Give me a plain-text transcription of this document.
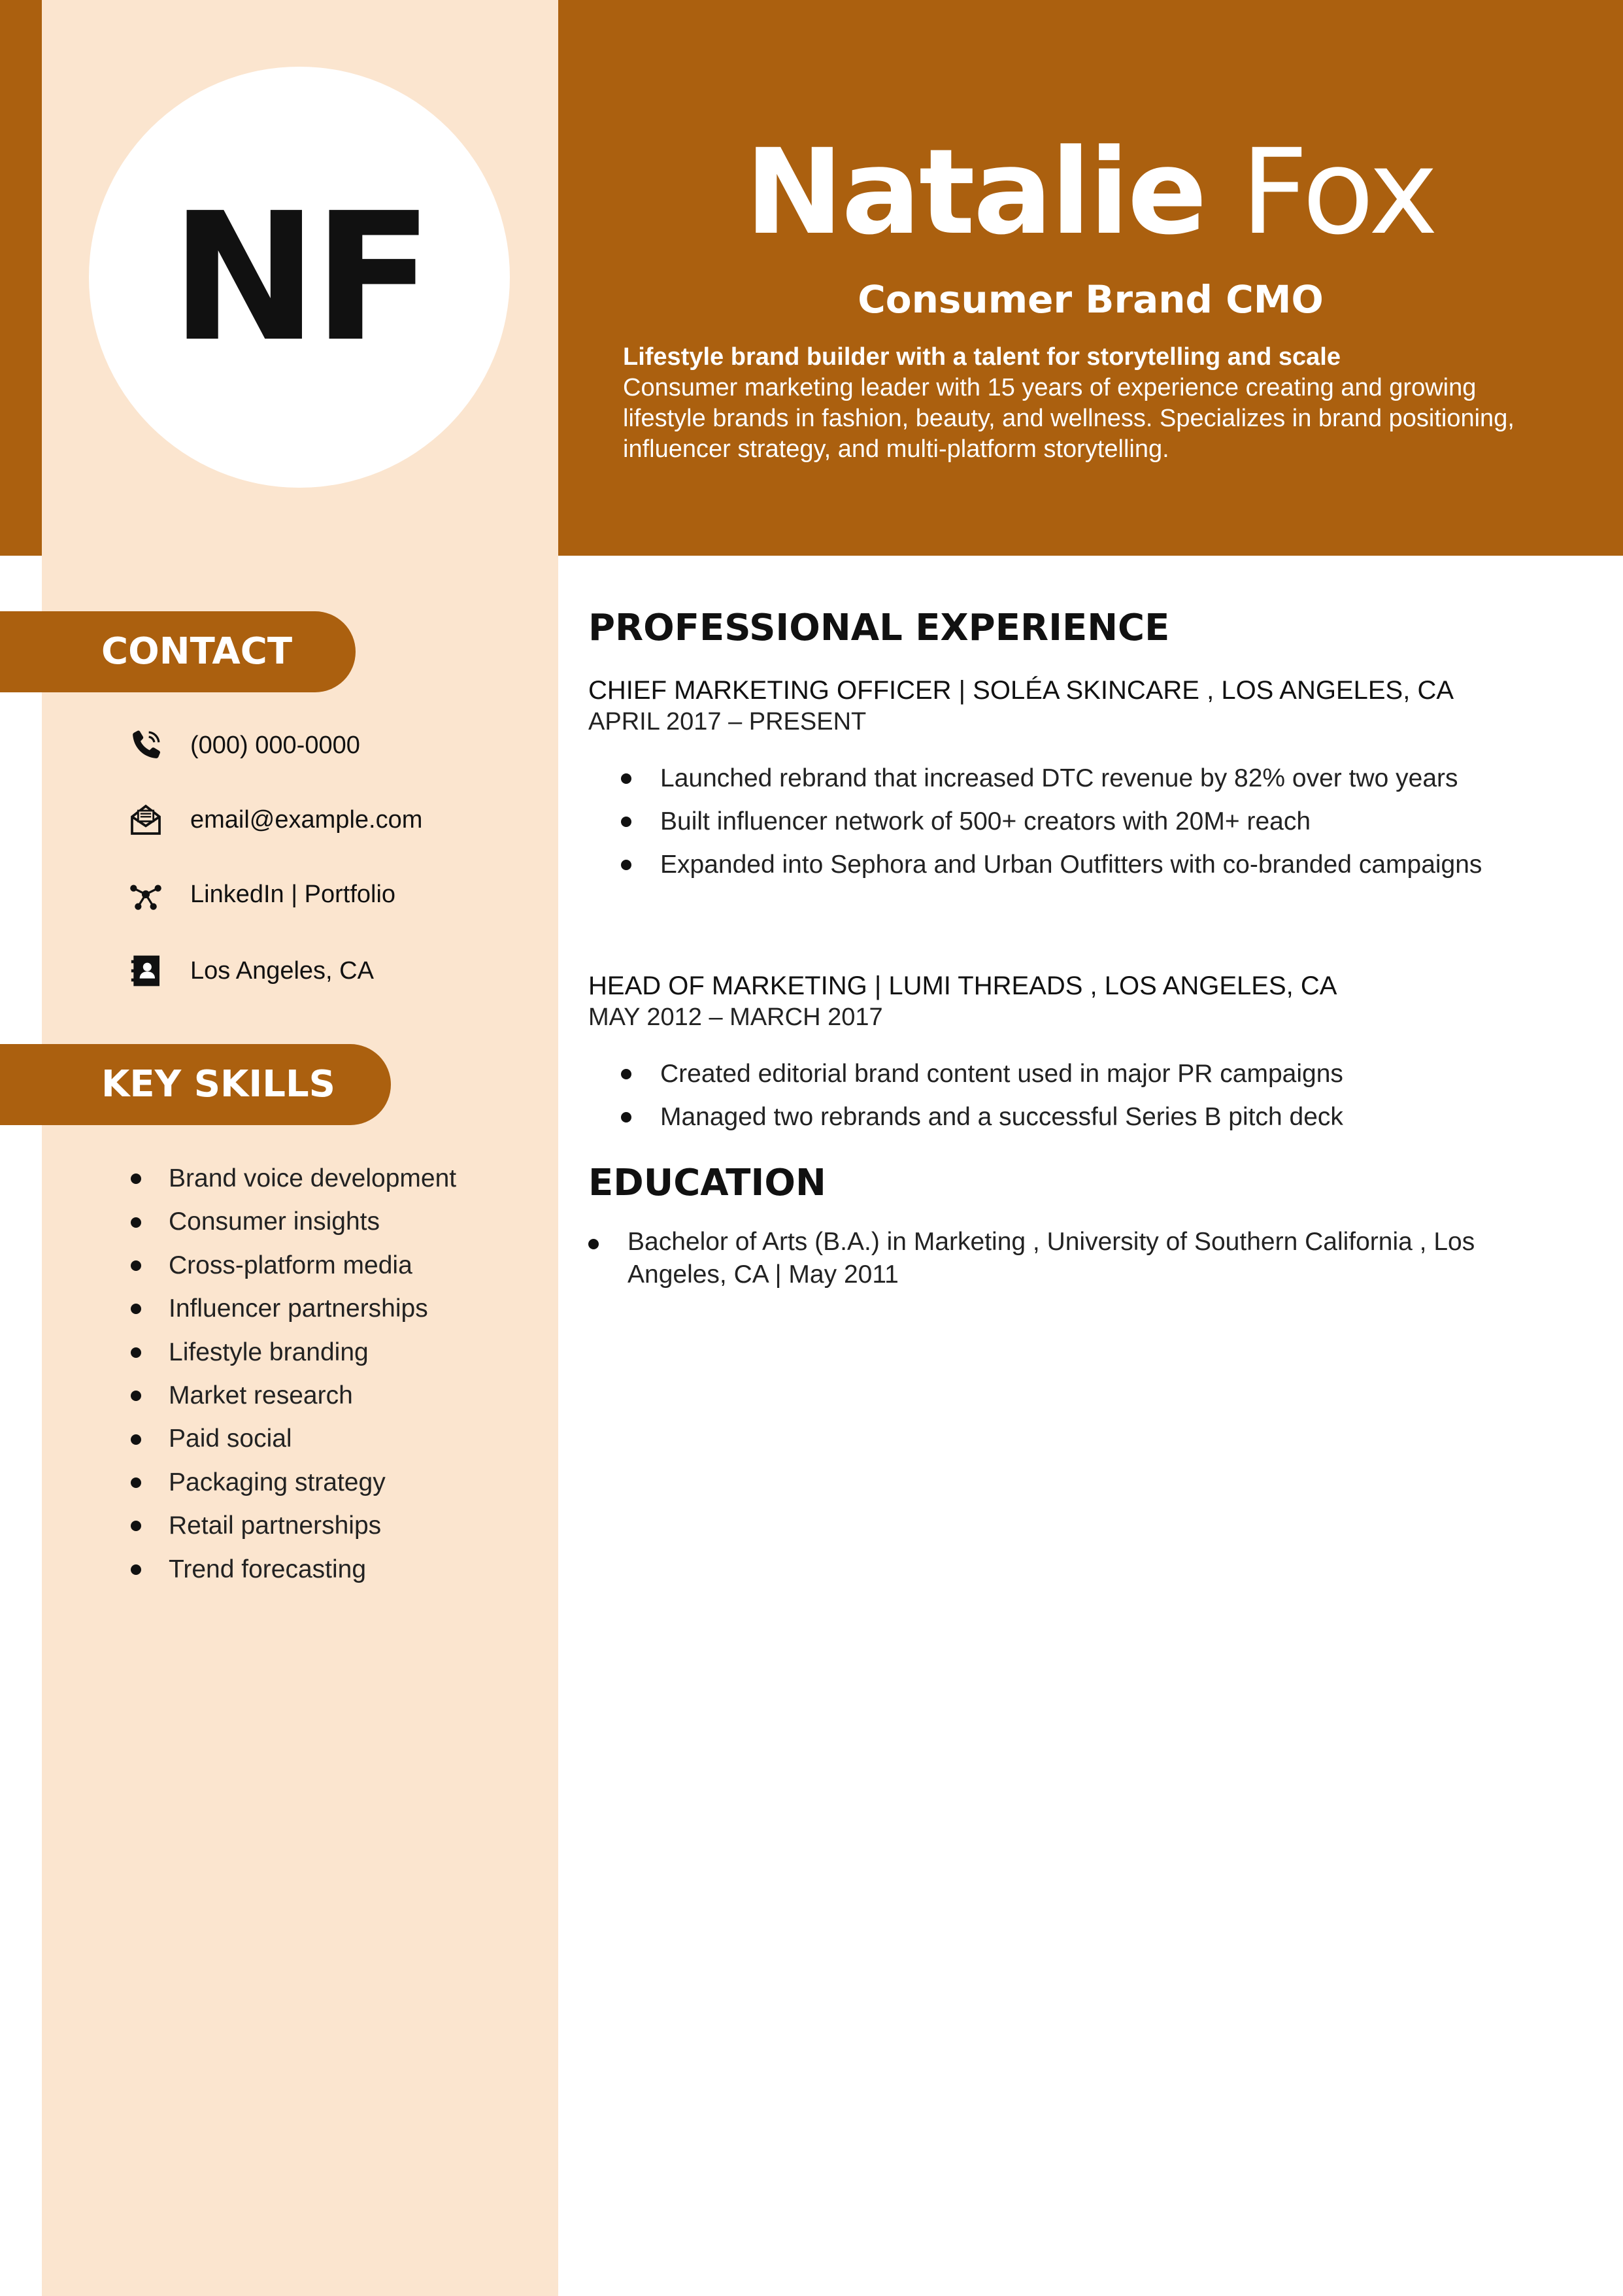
NF	Natalie Fox
Consumer Brand CMO
Lifestyle brand builder with a talent for storytelling and scale
Consumer marketing leader with 15 years of experience creating and growing lifestyle brands in fashion, beauty, and wellness. Specializes in brand positioning, influencer strategy, and multi-platform storytelling.
CONTACT
(000) 000-0000
email@example.com
LinkedIn | Portfolio
Los Angeles, CA
KEY SKILLS
Brand voice development
Consumer insights
Cross-platform media
Influencer partnerships
Lifestyle branding
Market research
Paid social
Packaging strategy
Retail partnerships
Trend forecasting
PROFESSIONAL EXPERIENCE
CHIEF MARKETING OFFICER | SOLÉA SKINCARE , LOS ANGELES, CA
APRIL 2017 – PRESENT
Launched rebrand that increased DTC revenue by 82% over two years
Built influencer network of 500+ creators with 20M+ reach
Expanded into Sephora and Urban Outfitters with co-branded campaigns
HEAD OF MARKETING | LUMI THREADS , LOS ANGELES, CA
MAY 2012 – MARCH 2017
Created editorial brand content used in major PR campaigns
Managed two rebrands and a successful Series B pitch deck
EDUCATION
Bachelor of Arts (B.A.) in Marketing , University of Southern California , Los Angeles, CA | May 2011
